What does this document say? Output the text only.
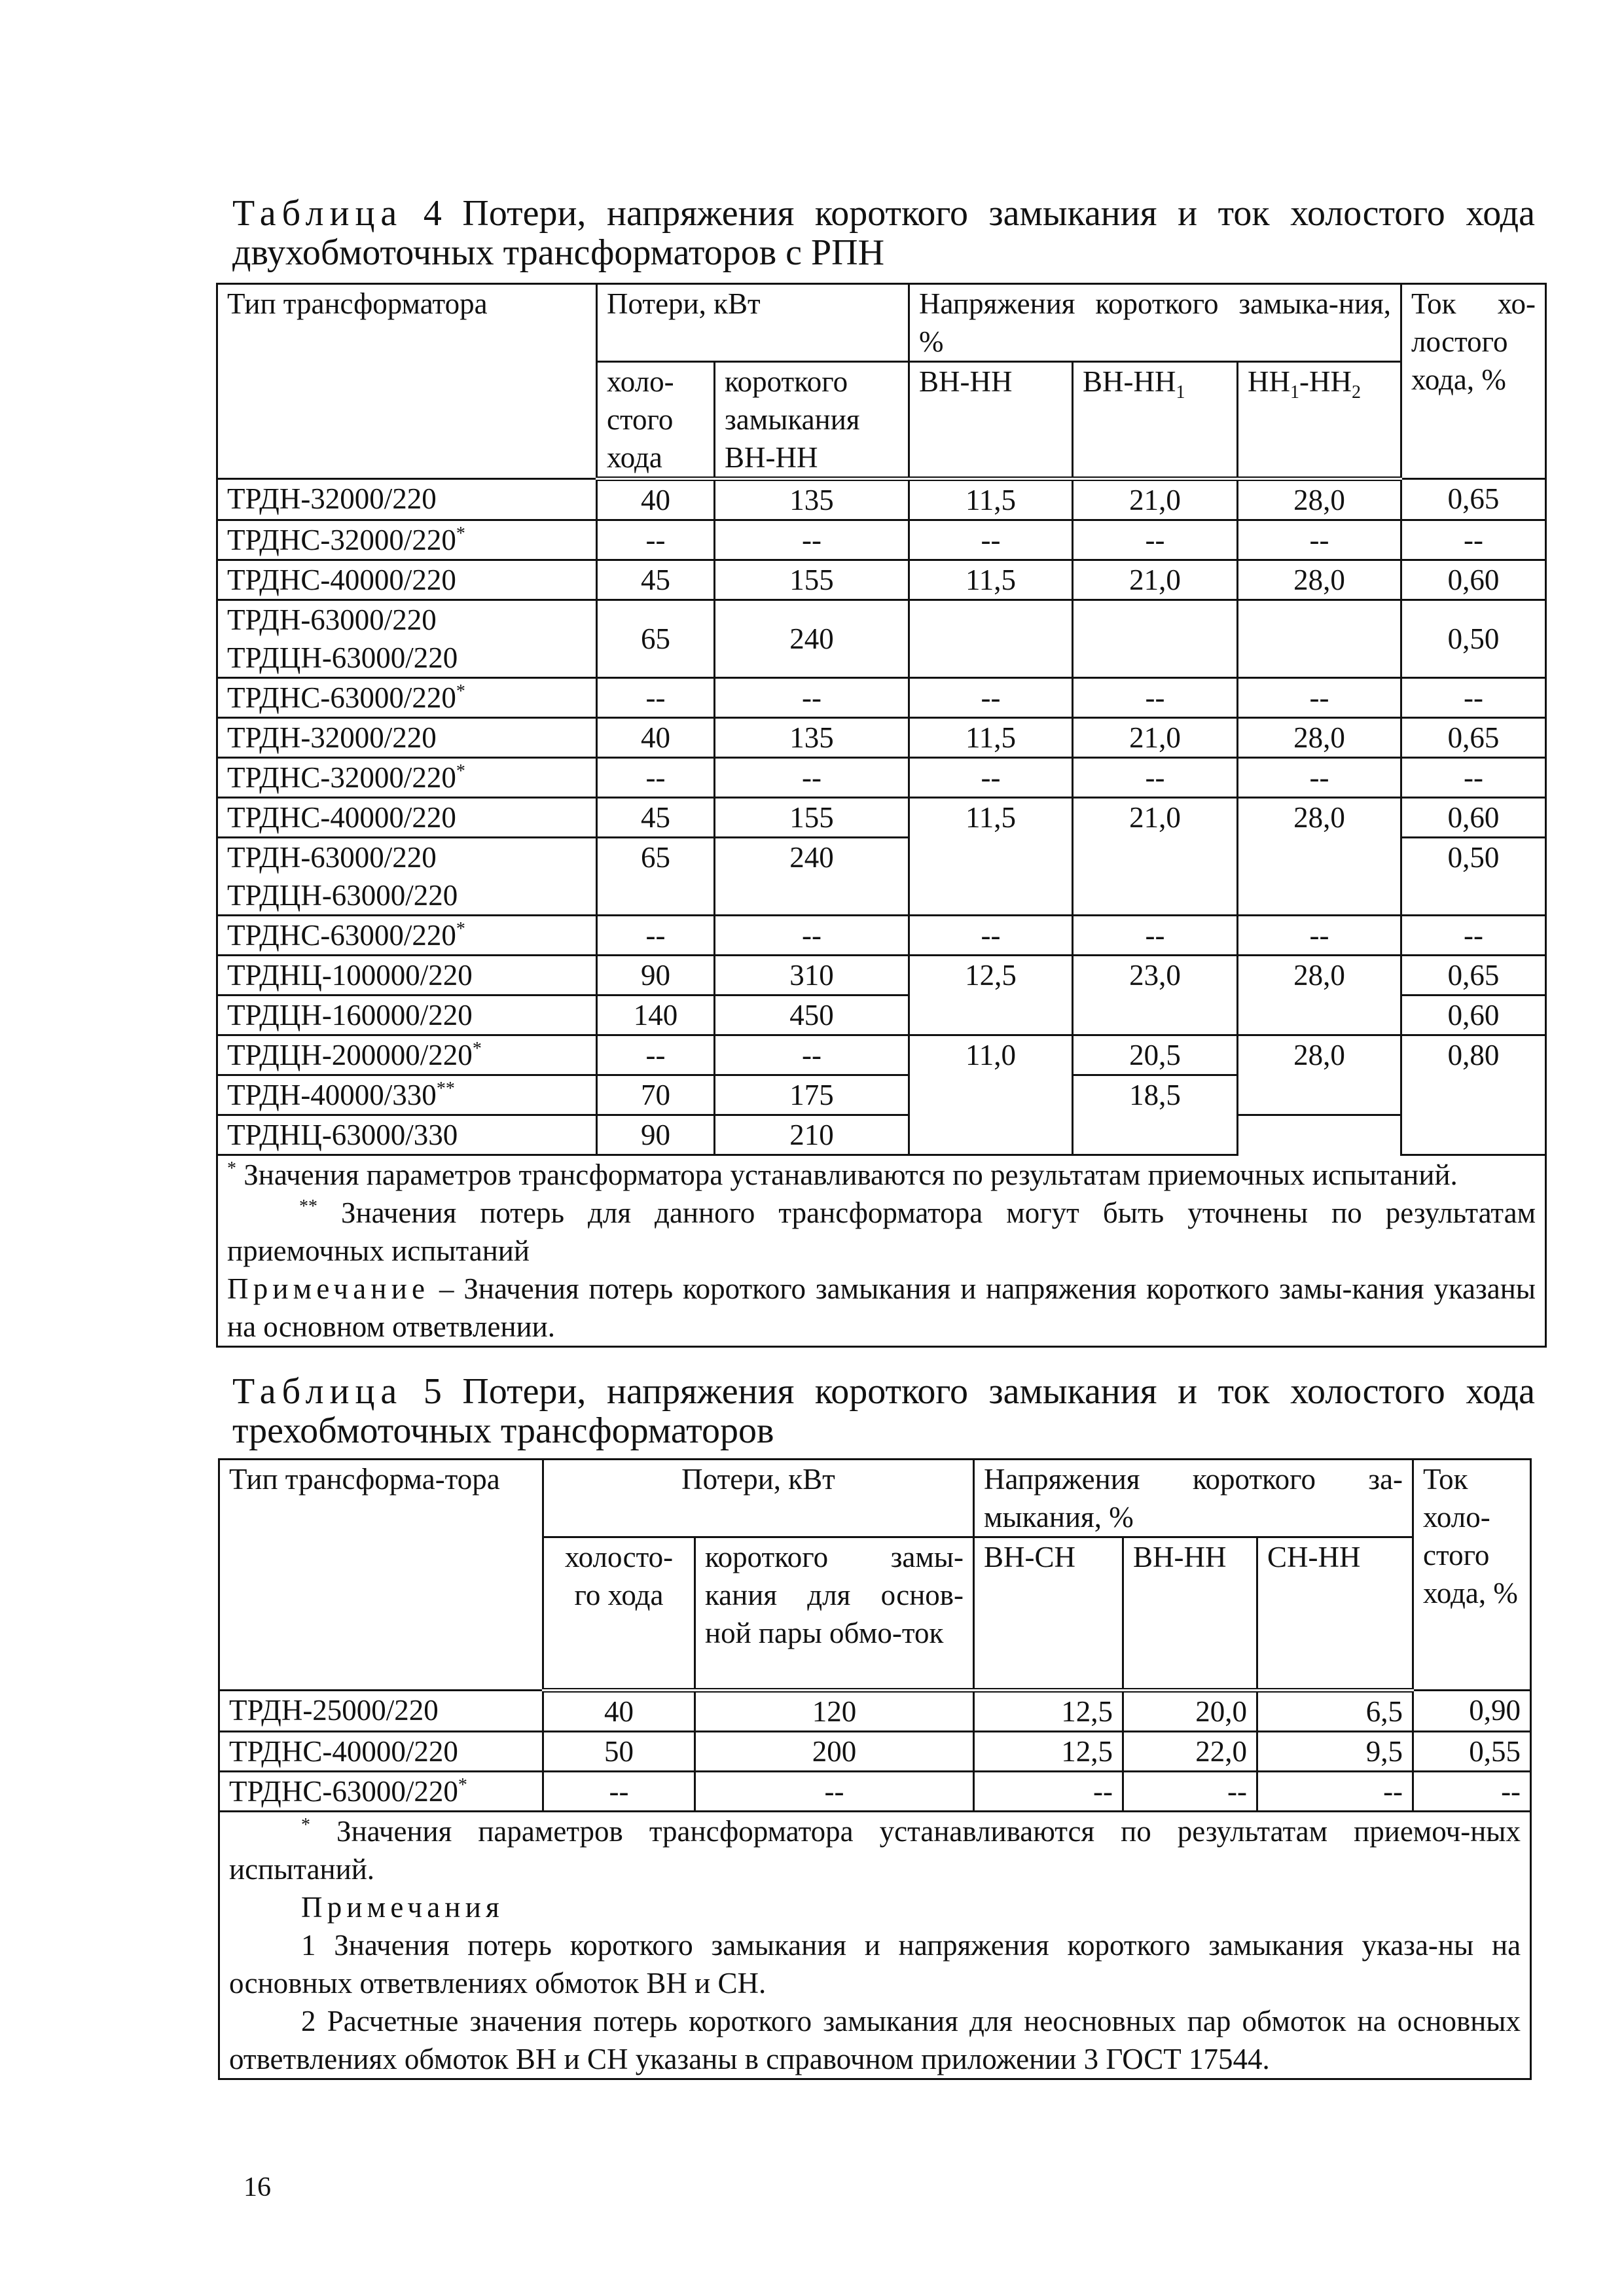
Таблица 4 Потери, напряжения короткого замыкания и ток холостого хода двухобмоточных трансформаторов с РПН
Тип трансформатора	Потери, кВт		Напряжения короткого замыка-ния, %			Ток хо-лостого хода, %
	холо-стого хода	короткого замыкания ВН-НН	ВН-НН	$ВН-НН_1$	$НН_1-НН_2$
ТРДН-32000/220	40	135	11,5	21,0	28,0	0,65
ТРДНС-32000/220*	--	--	--	--	--	--
ТРДНС-40000/220	45	155	11,5	21,0	28,0	0,60

ТРДН-63000/220
ТРДЦН-63000/220	65	240				0,50
ТРДНС-63000/220*	--	--	--	--	--	--
ТРДН-32000/220	40	135	11,5	21,0	28,0	0,65
ТРДНС-32000/220*	--	--	--	--	--	--
ТРДНС-40000/220	45	155	11,5	21,0	28,0	0,60

ТРДН-63000/220
ТРДЦН-63000/220	65	240				0,50
ТРДНС-63000/220*	--	--	--	--	--	--
ТРДНЦ-100000/220	90	310	12,5	23,0	28,0	0,65
ТРДЦН-160000/220	140	450				0,60
ТРДЦН-200000/220*	--	--	11,0	20,5	28,0	0,80
ТРДН-40000/330**	70	175		18,5		
ТРДНЦ-63000/330	90	210				

* Значения параметров трансформатора устанавливаются по результатам приемочных испытаний.

** Значения потерь для данного трансформатора могут быть уточнены по результатам приемочных испытаний

Примечание – Значения потерь короткого замыкания и напряжения короткого замы-кания указаны на основном ответвлении.						

Таблица 5 Потери, напряжения короткого замыкания и ток холостого хода трехобмоточных трансформаторов
Тип трансформа-тора	Потери, кВт		Напряжения короткого за-мыкания, %			Ток холо-стого хода, %
	холосто-го хода	короткого замы-кания для основ-ной пары обмо-ток	ВН-СН	ВН-НН	СН-НН	
ТРДН-25000/220	40	120	12,5	20,0	6,5	0,90
ТРДНС-40000/220	50	200	12,5	22,0	9,5	0,55
ТРДНС-63000/220*	--	--	--	--	--	--

* Значения параметров трансформатора устанавливаются по результатам приемоч-ных испытаний.

Примечания

1 Значения потерь короткого замыкания и напряжения короткого замыкания указа-ны на основных ответвлениях обмоток ВН и СН.

2 Расчетные значения потерь короткого замыкания для неосновных пар обмоток на основных ответвлениях обмоток ВН и СН указаны в справочном приложении 3 ГОСТ 17544.						

16
